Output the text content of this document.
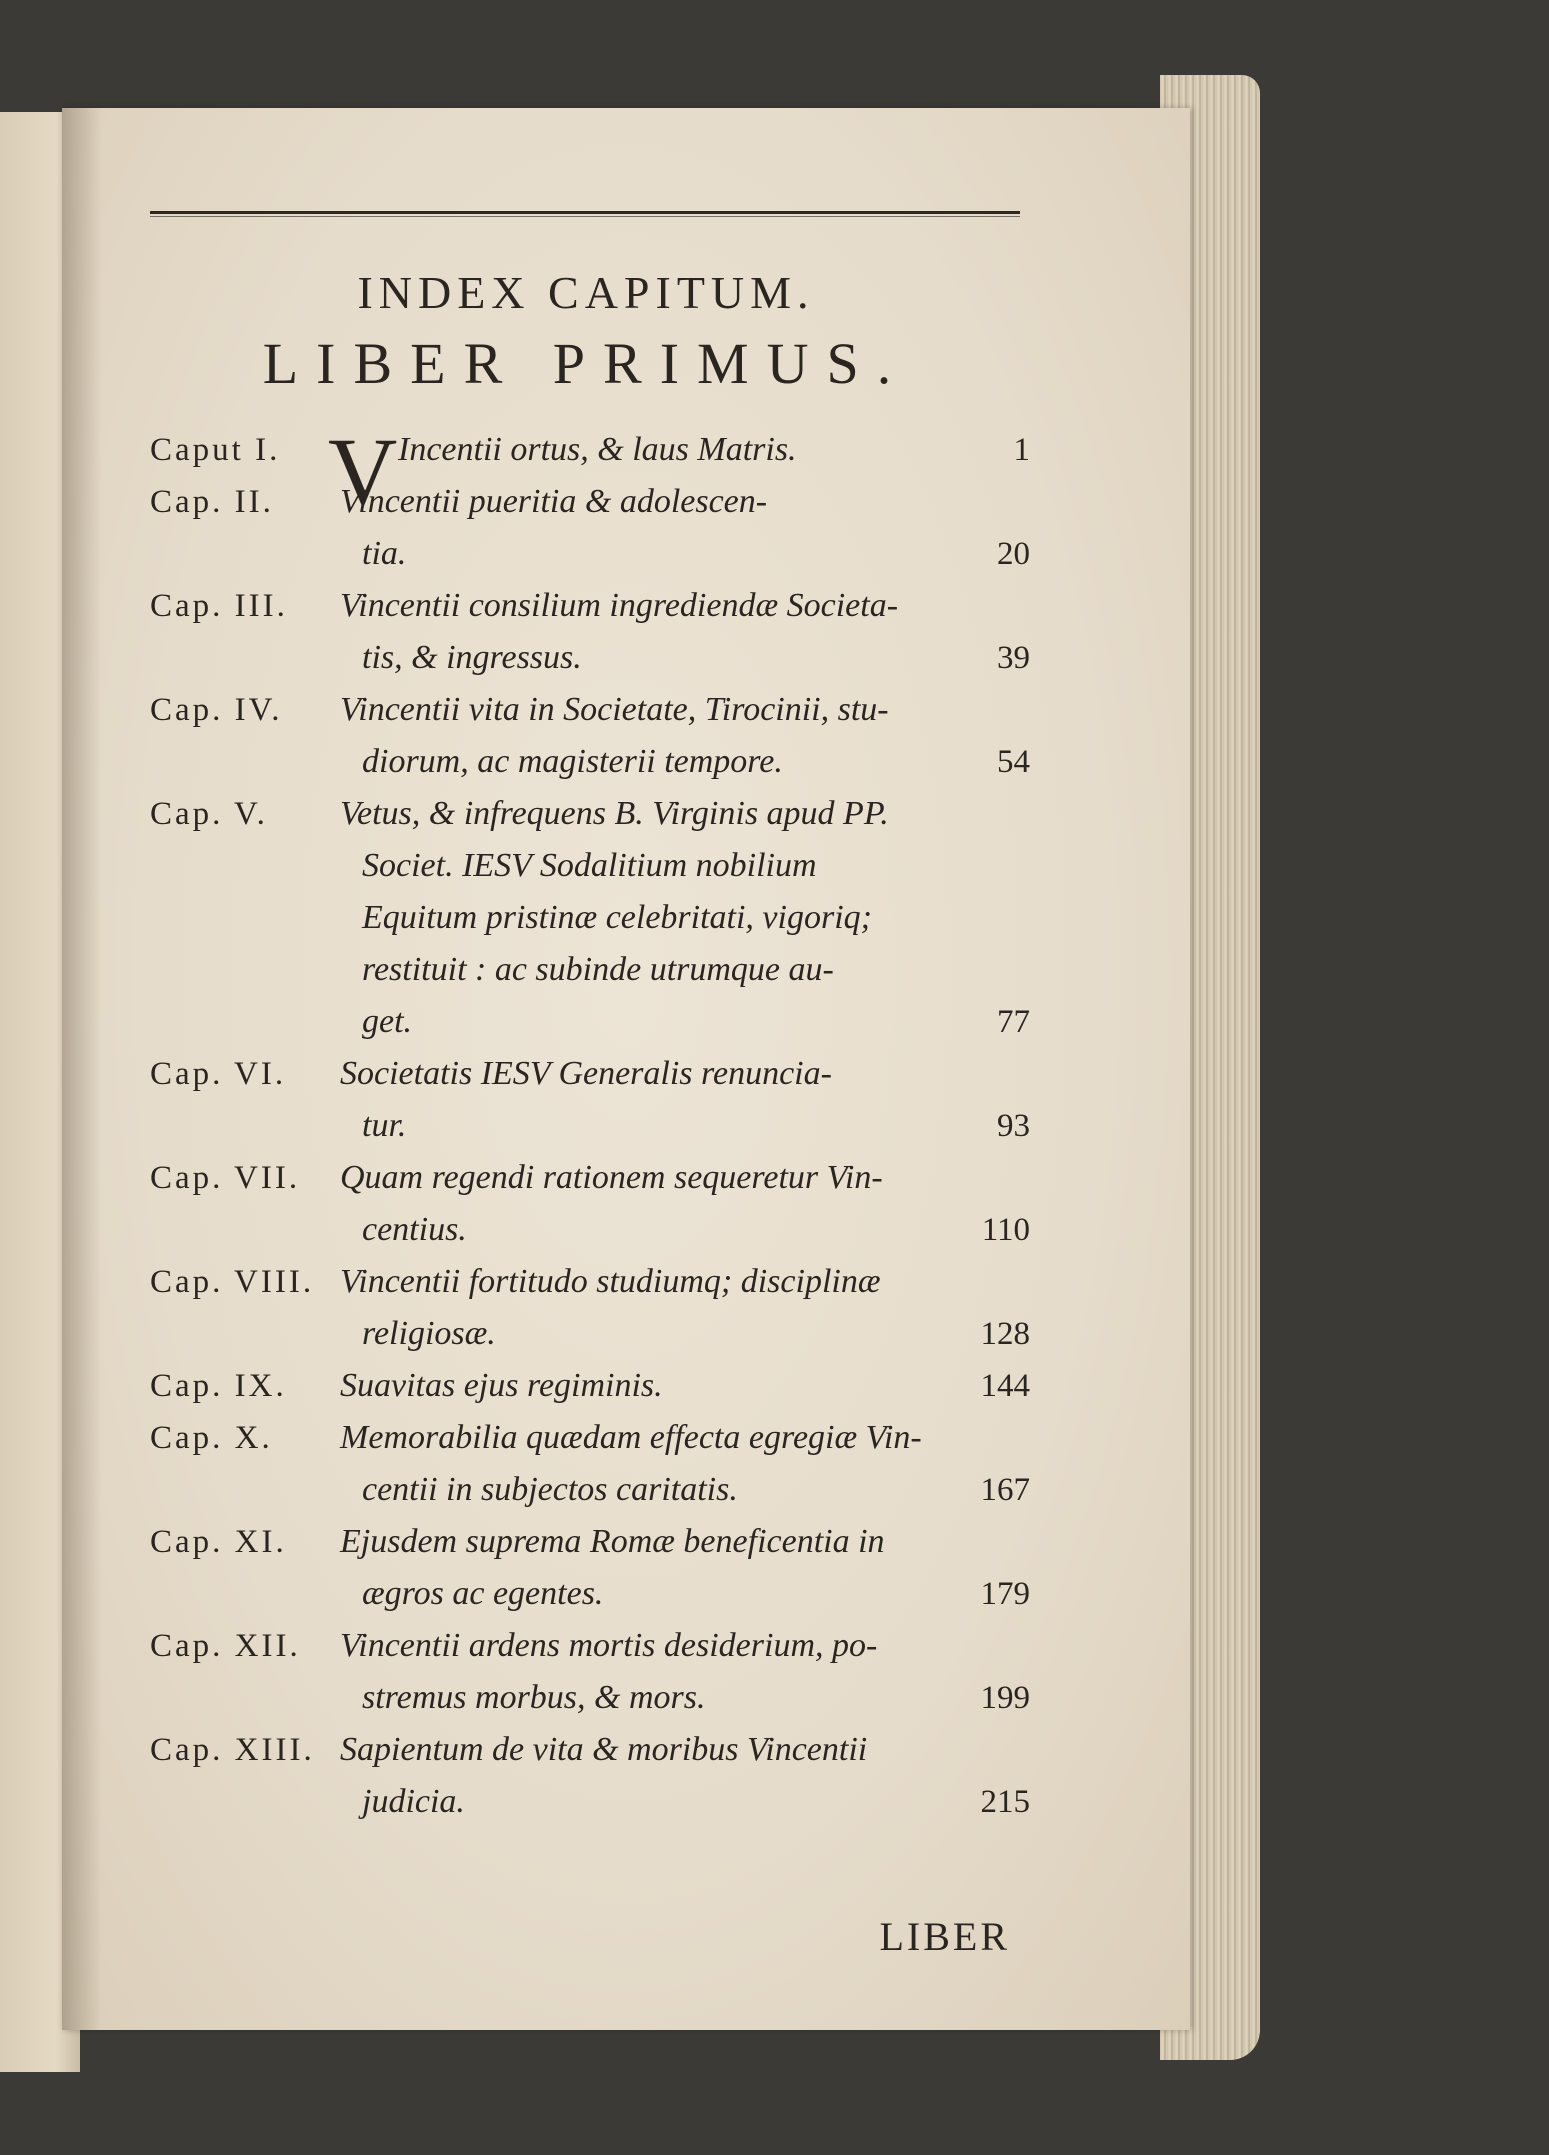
INDEX CAPITUM.
LIBER PRIMUS.
Caput I. V Incentii ortus, & laus Matris.	1
Cap. II.	Vincentii pueritia & adolescen-
tia.	20
Cap. III.	Vincentii consilium ingrediendæ Societa-
tis, & ingressus.	39
Cap. IV.	Vincentii vita in Societate, Tirocinii, stu-
diorum, ac magisterii tempore.	54
Cap. V.	Vetus, & infrequens B. Virginis apud PP.
Societ. IESV Sodalitium nobilium
Equitum pristinæ celebritati, vigoriq;
restituit : ac subinde utrumque au-
get.	77
Cap. VI.	Societatis IESV Generalis renuncia-
tur.	93
Cap. VII.	Quam regendi rationem sequeretur Vin-
centius.	110
Cap. VIII. Vincentii fortitudo studiumq; disciplinæ
religiosæ.	128
Cap. IX.	Suavitas ejus regiminis.	144
Cap. X.	Memorabilia quædam effecta egregiæ Vin-
centii in subjectos caritatis.	167
Cap. XI.	Ejusdem suprema Romæ beneficentia in
ægros ac egentes.	179
Cap. XII.	Vincentii ardens mortis desiderium, po-
stremus morbus, & mors.	199
Cap. XIII. Sapientum de vita & moribus Vincentii
judicia.	215
LIBER
